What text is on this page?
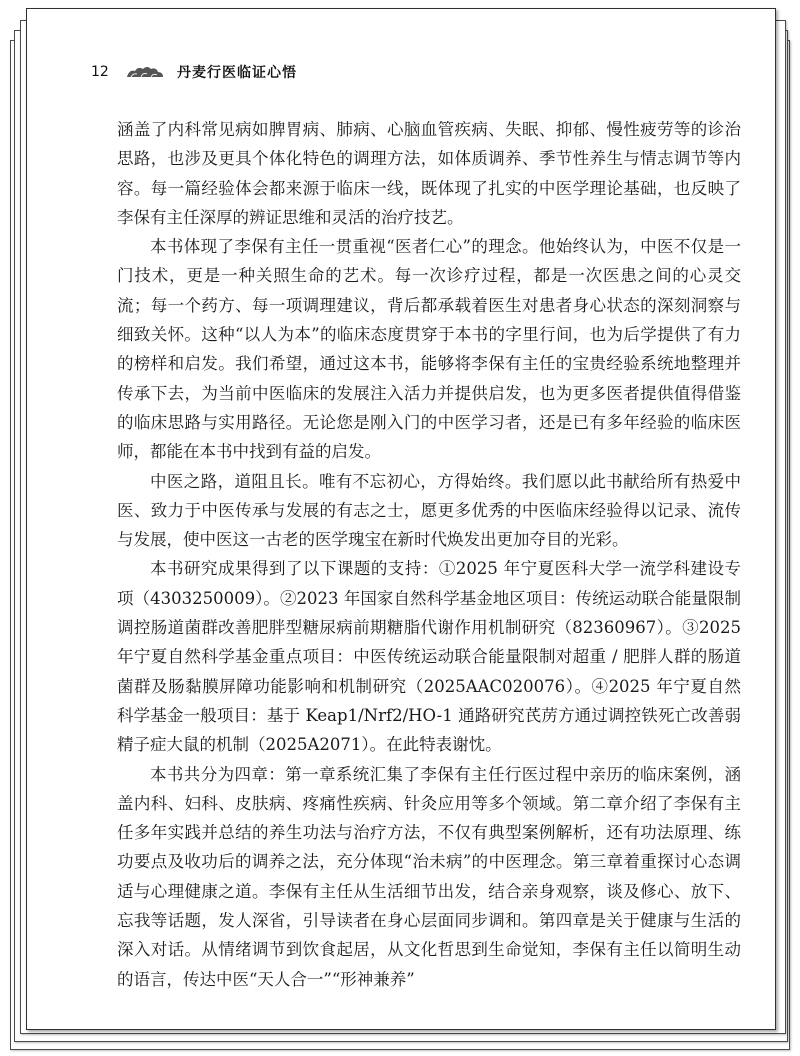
12	丹麦行医临证心悟

涵盖了内科常见病如脾胃病、肺病、心脑血管疾病、失眠、抑郁、慢性疲劳等的诊治思路，也涉及更具个体化特色的调理方法，如体质调养、季节性养生与情志调节等内容。每一篇经验体会都来源于临床一线，既体现了扎实的中医学理论基础，也反映了李保有主任深厚的辨证思维和灵活的治疗技艺。

本书体现了李保有主任一贯重视“医者仁心”的理念。他始终认为，中医不仅是一门技术，更是一种关照生命的艺术。每一次诊疗过程，都是一次医患之间的心灵交流；每一个药方、每一项调理建议，背后都承载着医生对患者身心状态的深刻洞察与细致关怀。这种“以人为本”的临床态度贯穿于本书的字里行间，也为后学提供了有力的榜样和启发。我们希望，通过这本书，能够将李保有主任的宝贵经验系统地整理并传承下去，为当前中医临床的发展注入活力并提供启发，也为更多医者提供值得借鉴的临床思路与实用路径。无论您是刚入门的中医学习者，还是已有多年经验的临床医师，都能在本书中找到有益的启发。

中医之路，道阻且长。唯有不忘初心，方得始终。我们愿以此书献给所有热爱中医、致力于中医传承与发展的有志之士，愿更多优秀的中医临床经验得以记录、流传与发展，使中医这一古老的医学瑰宝在新时代焕发出更加夺目的光彩。

本书研究成果得到了以下课题的支持：①2025 年宁夏医科大学一流学科建设专项（4303250009）。②2023 年国家自然科学基金地区项目：传统运动联合能量限制调控肠道菌群改善肥胖型糖尿病前期糖脂代谢作用机制研究（82360967）。③2025 年宁夏自然科学基金重点项目：中医传统运动联合能量限制对超重 / 肥胖人群的肠道菌群及肠黏膜屏障功能影响和机制研究（2025AAC020076）。④2025 年宁夏自然科学基金一般项目：基于 Keap1/Nrf2/HO-1 通路研究芪苈方通过调控铁死亡改善弱精子症大鼠的机制（2025A2071）。在此特表谢忱。

本书共分为四章：第一章系统汇集了李保有主任行医过程中亲历的临床案例，涵盖内科、妇科、皮肤病、疼痛性疾病、针灸应用等多个领域。第二章介绍了李保有主任多年实践并总结的养生功法与治疗方法，不仅有典型案例解析，还有功法原理、练功要点及收功后的调养之法，充分体现“治未病”的中医理念。第三章着重探讨心态调适与心理健康之道。李保有主任从生活细节出发，结合亲身观察，谈及修心、放下、忘我等话题，发人深省，引导读者在身心层面同步调和。第四章是关于健康与生活的深入对话。从情绪调节到饮食起居，从文化哲思到生命觉知，李保有主任以简明生动的语言，传达中医“天人合一”“形神兼养”
